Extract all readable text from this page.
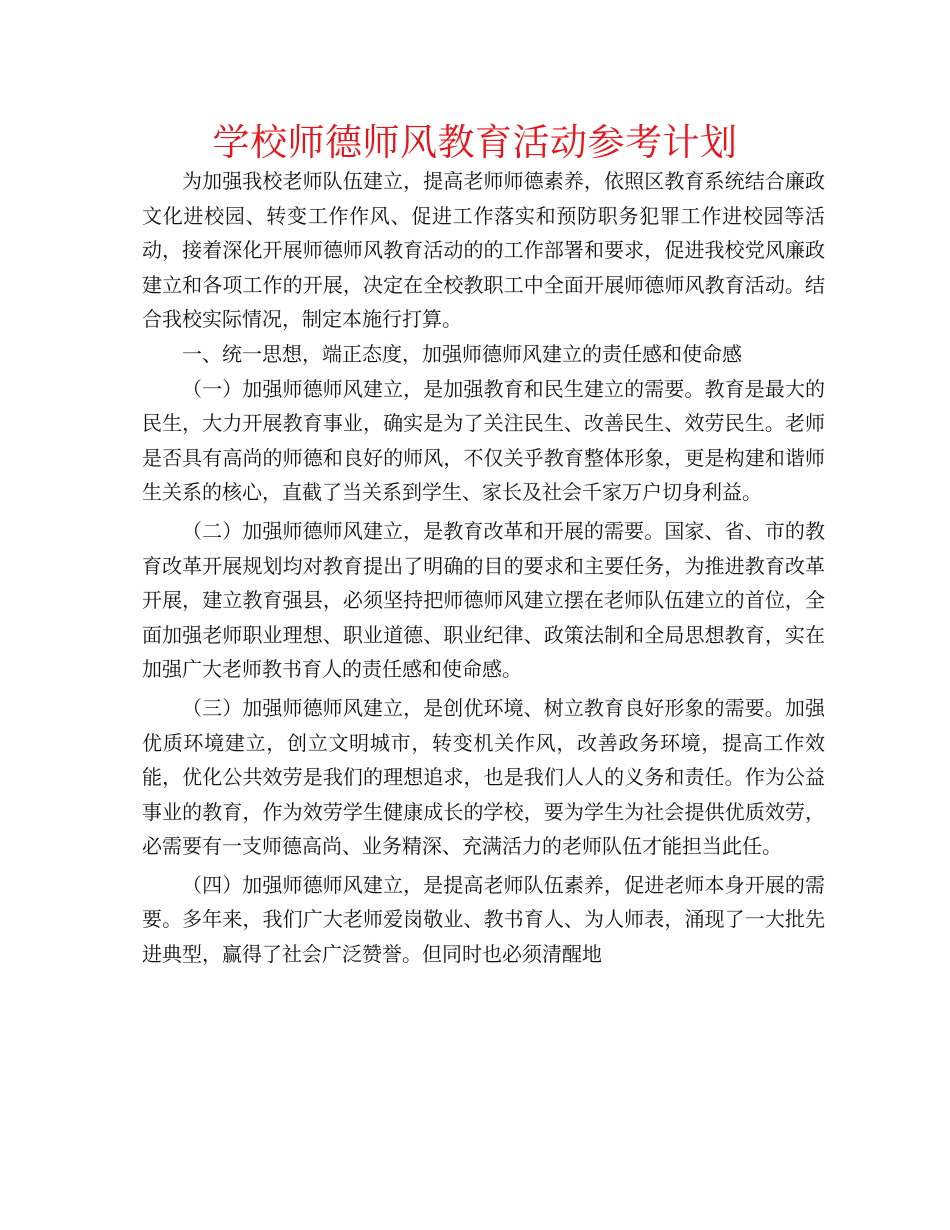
学校师德师风教育活动参考计划

为加强我校老师队伍建立，提高老师师德素养，依照区教育系统结合廉政文化进校园、转变工作作风、促进工作落实和预防职务犯罪工作进校园等活动，接着深化开展师德师风教育活动的的工作部署和要求，促进我校党风廉政建立和各项工作的开展，决定在全校教职工中全面开展师德师风教育活动。结合我校实际情况，制定本施行打算。

一、统一思想，端正态度，加强师德师风建立的责任感和使命感

（一）加强师德师风建立，是加强教育和民生建立的需要。教育是最大的民生，大力开展教育事业，确实是为了关注民生、改善民生、效劳民生。老师是否具有高尚的师德和良好的师风，不仅关乎教育整体形象，更是构建和谐师生关系的核心，直截了当关系到学生、家长及社会千家万户切身利益。

（二）加强师德师风建立，是教育改革和开展的需要。国家、省、市的教育改革开展规划均对教育提出了明确的目的要求和主要任务，为推进教育改革开展，建立教育强县，必须坚持把师德师风建立摆在老师队伍建立的首位，全面加强老师职业理想、职业道德、职业纪律、政策法制和全局思想教育，实在加强广大老师教书育人的责任感和使命感。

（三）加强师德师风建立，是创优环境、树立教育良好形象的需要。加强优质环境建立，创立文明城市，转变机关作风，改善政务环境，提高工作效能，优化公共效劳是我们的理想追求，也是我们人人的义务和责任。作为公益事业的教育，作为效劳学生健康成长的学校，要为学生为社会提供优质效劳，必需要有一支师德高尚、业务精深、充满活力的老师队伍才能担当此任。

（四）加强师德师风建立，是提高老师队伍素养，促进老师本身开展的需要。多年来，我们广大老师爱岗敬业、教书育人、为人师表，涌现了一大批先进典型，赢得了社会广泛赞誉。但同时也必须清醒地
